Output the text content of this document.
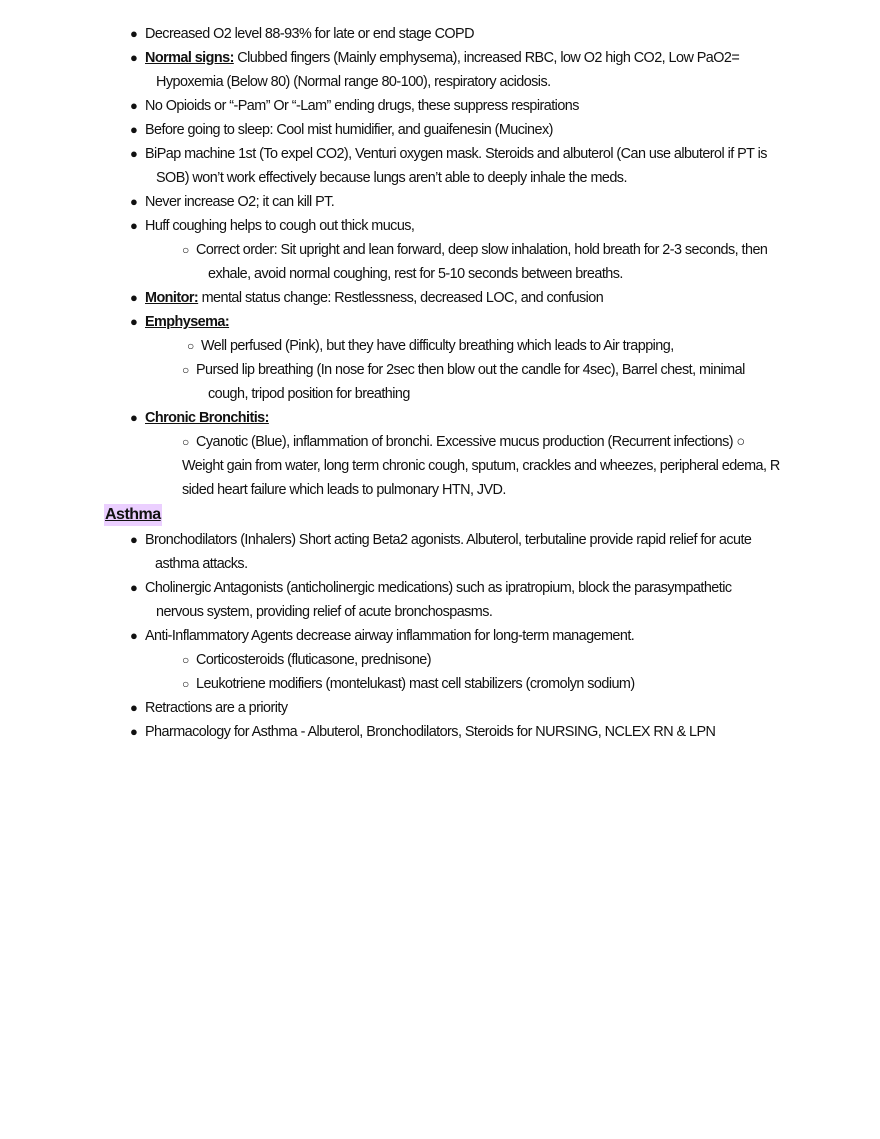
● Decreased O2 level 88-93% for late or end stage COPD
● Normal signs: Clubbed fingers (Mainly emphysema), increased RBC, low O2 high CO2, Low PaO2=
Hypoxemia (Below 80) (Normal range 80-100), respiratory acidosis.
● No Opioids or “-Pam” Or “-Lam” ending drugs, these suppress respirations
● Before going to sleep: Cool mist humidifier, and guaifenesin (Mucinex)
● BiPap machine 1st (To expel CO2), Venturi oxygen mask. Steroids and albuterol (Can use albuterol if PT is
SOB) won’t work effectively because lungs aren’t able to deeply inhale the meds.
● Never increase O2; it can kill PT.
● Huff coughing helps to cough out thick mucus,
○ Correct order: Sit upright and lean forward, deep slow inhalation, hold breath for 2-3 seconds, then
exhale, avoid normal coughing, rest for 5-10 seconds between breaths.
● Monitor: mental status change: Restlessness, decreased LOC, and confusion
● Emphysema:
○ Well perfused (Pink), but they have difficulty breathing which leads to Air trapping,
○ Pursed lip breathing (In nose for 2sec then blow out the candle for 4sec), Barrel chest, minimal
cough, tripod position for breathing
● Chronic Bronchitis:
○ Cyanotic (Blue), inflammation of bronchi. Excessive mucus production (Recurrent infections) ○
Weight gain from water, long term chronic cough, sputum, crackles and wheezes, peripheral edema, R
sided heart failure which leads to pulmonary HTN, JVD.
Asthma
● Bronchodilators (Inhalers) Short acting Beta2 agonists. Albuterol, terbutaline provide rapid relief for acute
asthma attacks.
● Cholinergic Antagonists (anticholinergic medications) such as ipratropium, block the parasympathetic
nervous system, providing relief of acute bronchospasms.
● Anti-Inflammatory Agents decrease airway inflammation for long-term management.
○ Corticosteroids (fluticasone, prednisone)
○ Leukotriene modifiers (montelukast) mast cell stabilizers (cromolyn sodium)
● Retractions are a priority
● Pharmacology for Asthma - Albuterol, Bronchodilators, Steroids for NURSING, NCLEX RN & LPN
